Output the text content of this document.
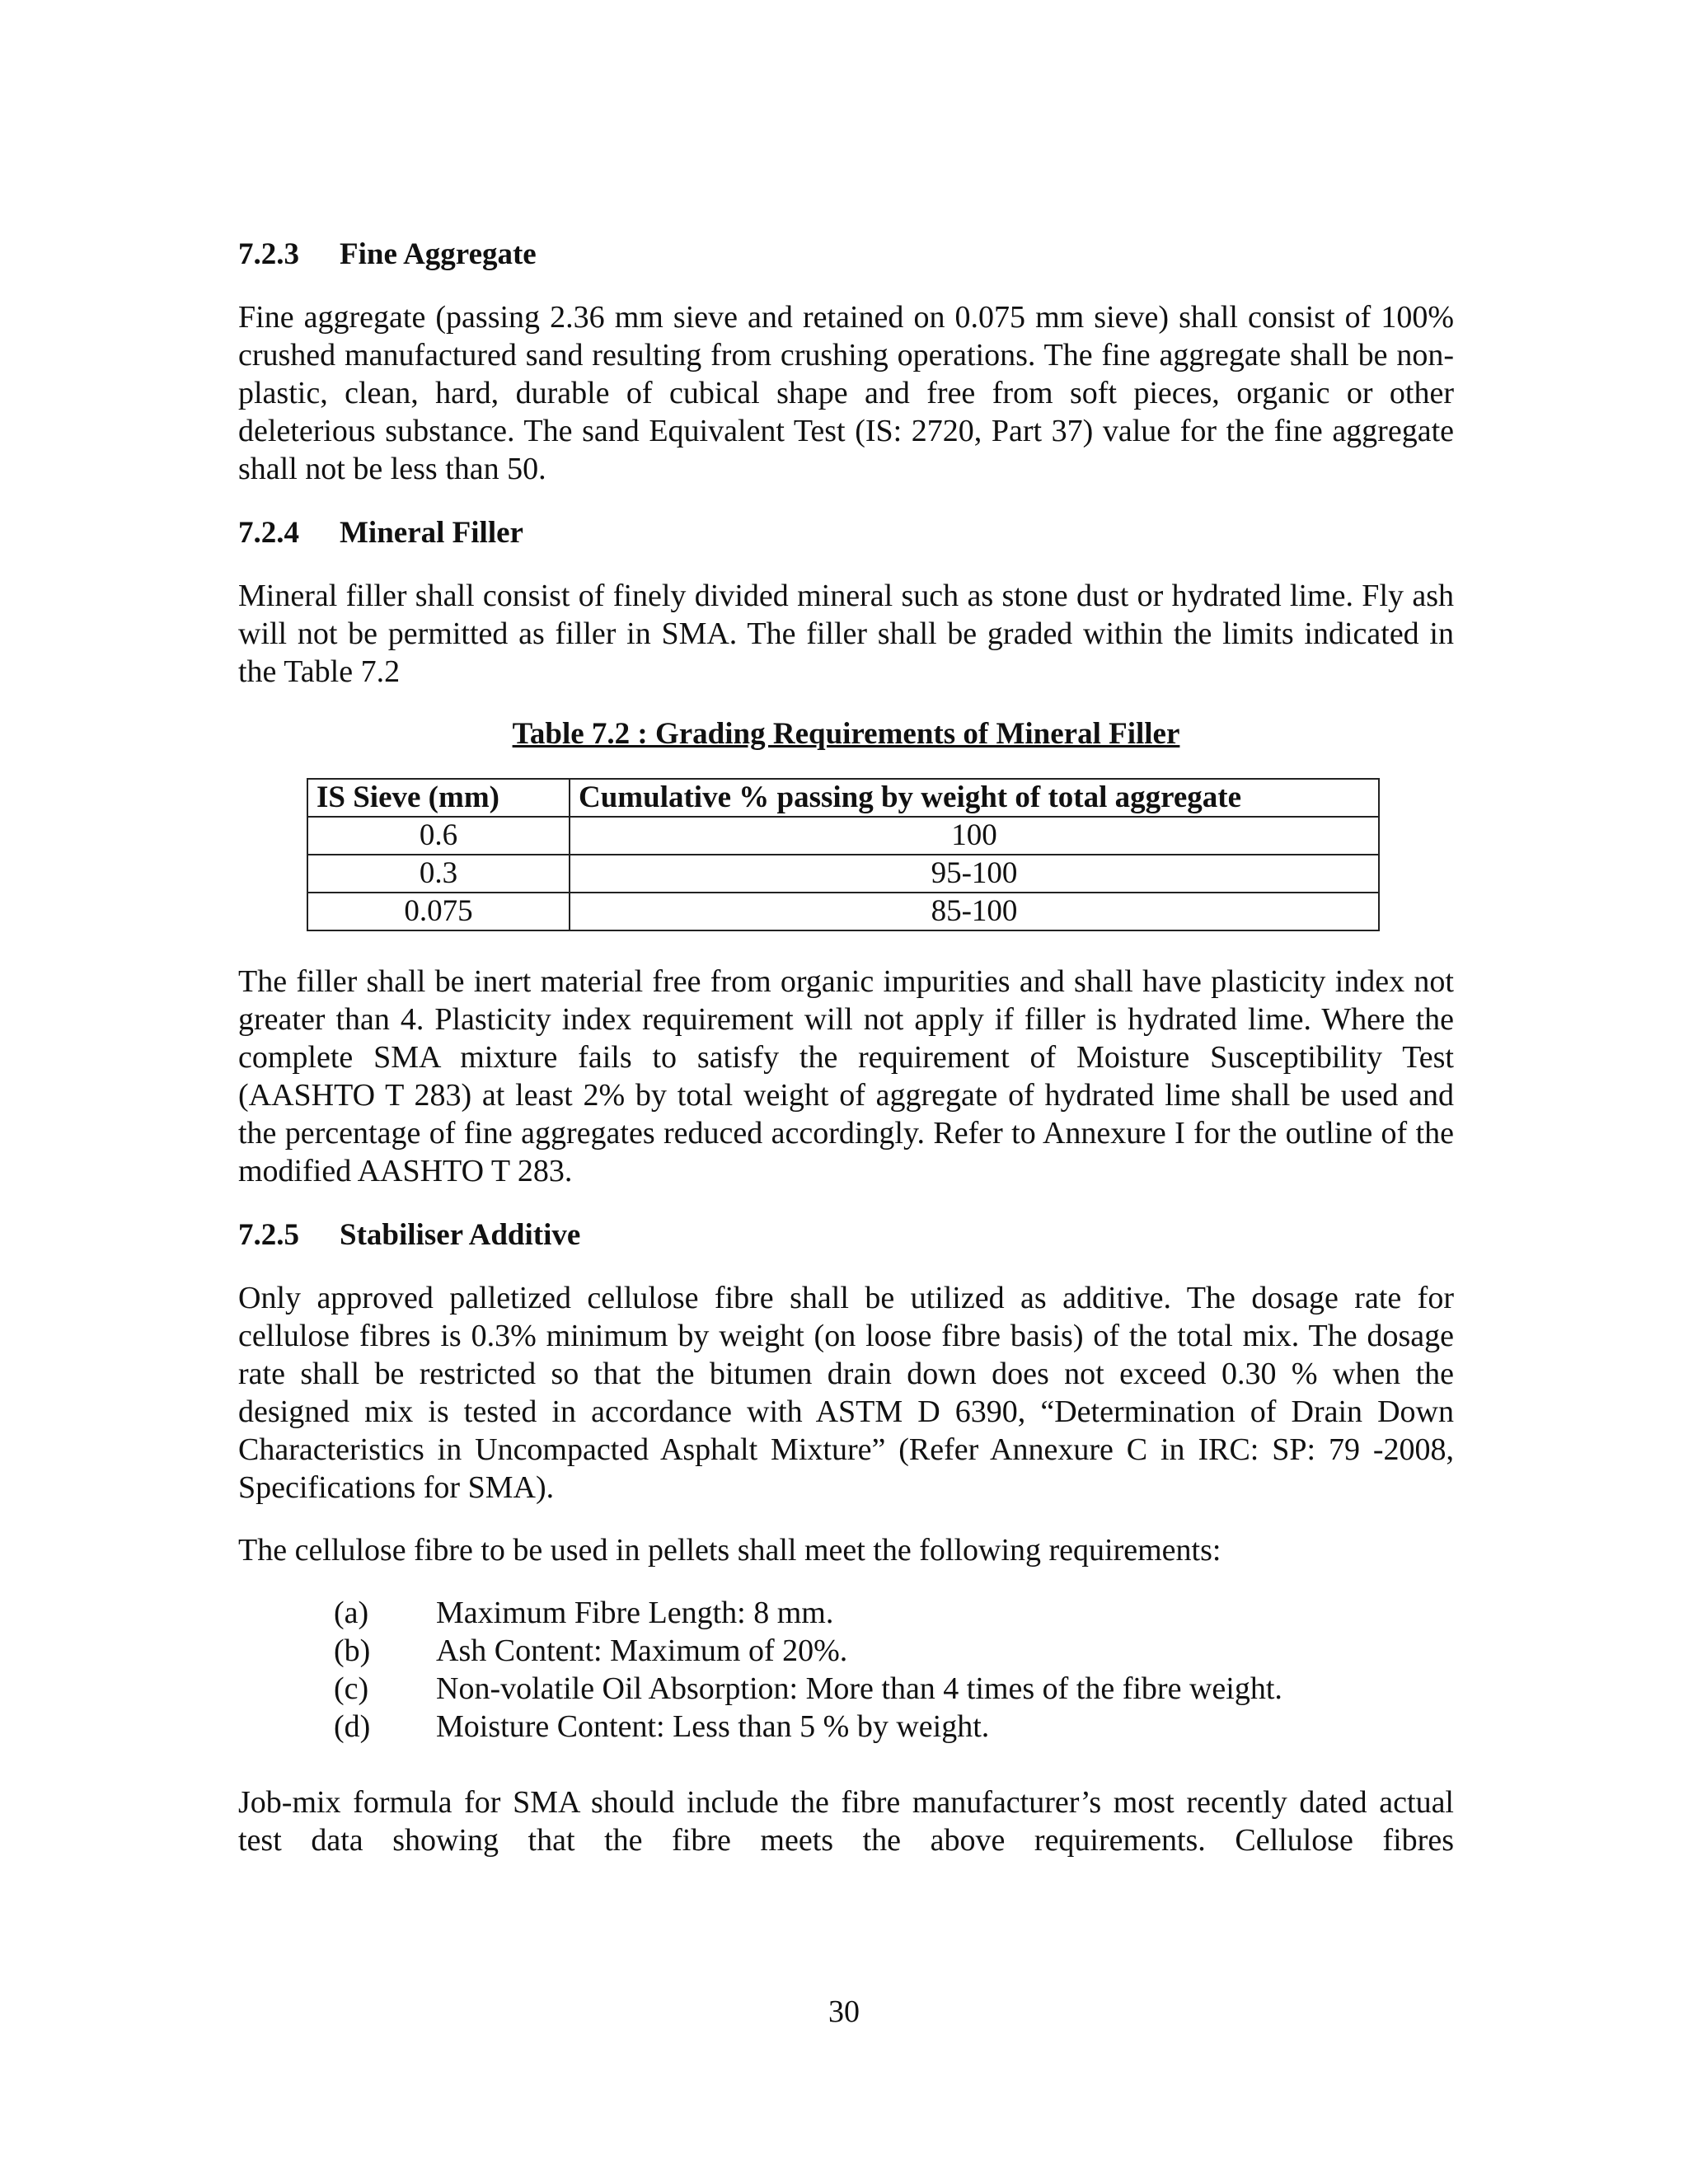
7.2.3 Fine Aggregate

Fine aggregate (passing 2.36 mm sieve and retained on 0.075 mm sieve) shall consist of 100% crushed manufactured sand resulting from crushing operations. The fine aggregate shall be non-plastic, clean, hard, durable of cubical shape and free from soft pieces, organic or other deleterious substance. The sand Equivalent Test (IS: 2720, Part 37) value for the fine aggregate shall not be less than 50.

7.2.4 Mineral Filler

Mineral filler shall consist of finely divided mineral such as stone dust or hydrated lime. Fly ash will not be permitted as filler in SMA. The filler shall be graded within the limits indicated in the Table 7.2

Table 7.2 : Grading Requirements of Mineral Filler

IS Sieve (mm)	Cumulative % passing by weight of total aggregate
0.6	100
0.3	95-100
0.075	85-100

The filler shall be inert material free from organic impurities and shall have plasticity index not greater than 4. Plasticity index requirement will not apply if filler is hydrated lime. Where the complete SMA mixture fails to satisfy the requirement of Moisture Susceptibility Test (AASHTO T 283) at least 2% by total weight of aggregate of hydrated lime shall be used and the percentage of fine aggregates reduced accordingly. Refer to Annexure I for the outline of the modified AASHTO T 283.

7.2.5 Stabiliser Additive

Only approved palletized cellulose fibre shall be utilized as additive. The dosage rate for cellulose fibres is 0.3% minimum by weight (on loose fibre basis) of the total mix. The dosage rate shall be restricted so that the bitumen drain down does not exceed 0.30 % when the designed mix is tested in accordance with ASTM D 6390, “Determination of Drain Down Characteristics in Uncompacted Asphalt Mixture” (Refer Annexure C in IRC: SP: 79 -2008, Specifications for SMA).

The cellulose fibre to be used in pellets shall meet the following requirements:

(a) Maximum Fibre Length: 8 mm.
(b) Ash Content: Maximum of 20%.
(c) Non-volatile Oil Absorption: More than 4 times of the fibre weight.
(d) Moisture Content: Less than 5 % by weight.

Job-mix formula for SMA should include the fibre manufacturer’s most recently dated actual test data showing that the fibre meets the above requirements. Cellulose fibres

30
